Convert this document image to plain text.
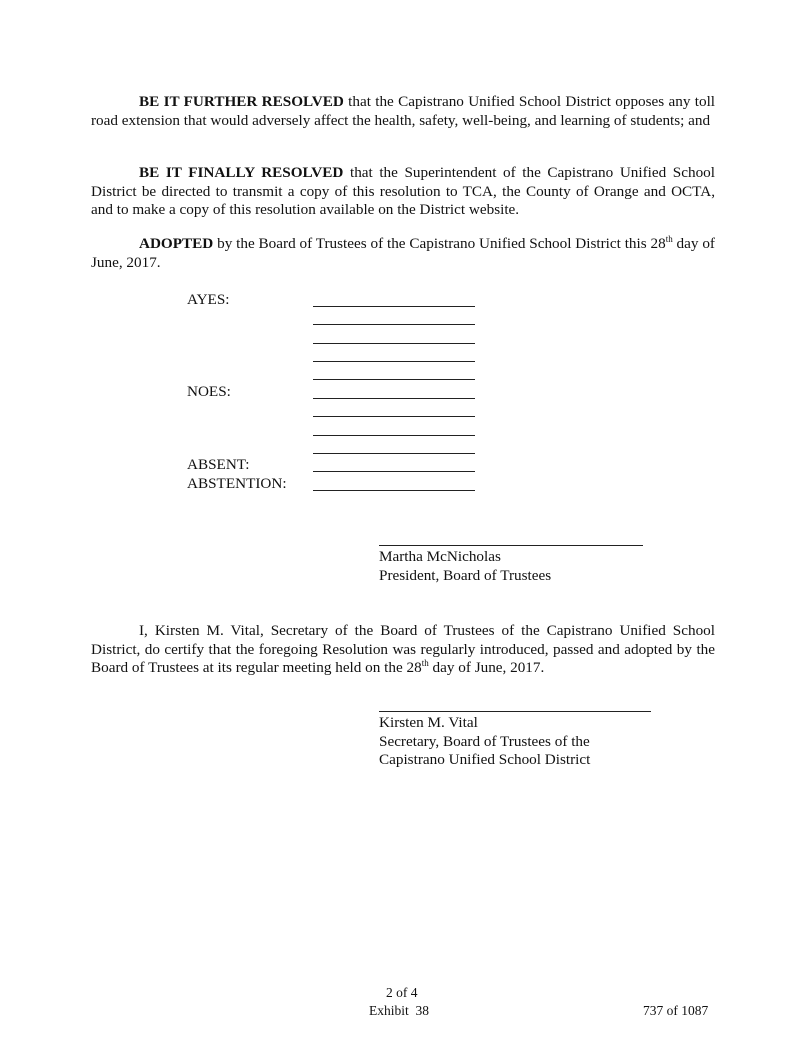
BE IT FURTHER RESOLVED that the Capistrano Unified School District opposes any toll road extension that would adversely affect the health, safety, well-being, and learning of students; and

BE IT FINALLY RESOLVED that the Superintendent of the Capistrano Unified School District be directed to transmit a copy of this resolution to TCA, the County of Orange and OCTA, and to make a copy of this resolution available on the District website.

ADOPTED by the Board of Trustees of the Capistrano Unified School District this 28th day of June, 2017.

AYES:
NOES:
ABSENT:
ABSTENTION:
Martha McNicholas
President, Board of Trustees

I, Kirsten M. Vital, Secretary of the Board of Trustees of the Capistrano Unified School District, do certify that the foregoing Resolution was regularly introduced, passed and adopted by the Board of Trustees at its regular meeting held on the 28th day of June, 2017.

Kirsten M. Vital
Secretary, Board of Trustees of the
Capistrano Unified School District
2 of 4
Exhibit  38	737 of 1087
